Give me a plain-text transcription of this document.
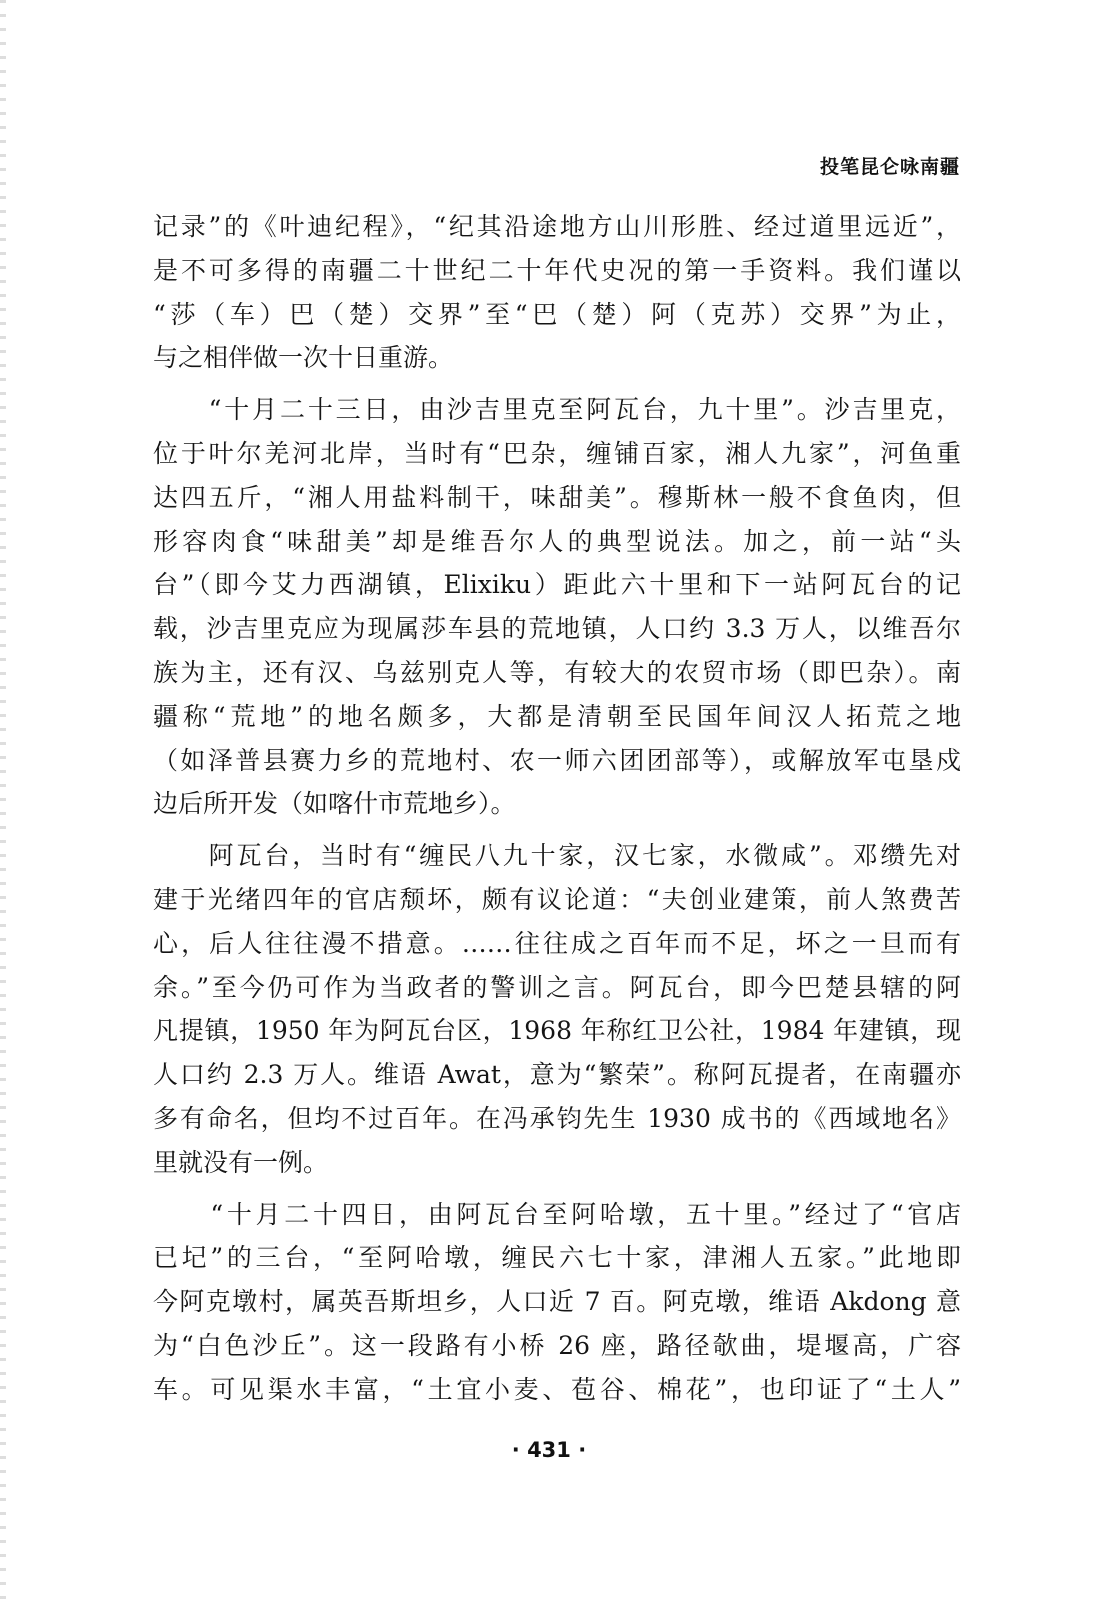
投笔昆仑咏南疆
记录”的《叶迪纪程》，“纪其沿途地方山川形胜、经过道里远近”，
是不可多得的南疆二十世纪二十年代史况的第一手资料。我们谨以
“莎（车）巴（楚）交界”至“巴（楚）阿（克苏）交界”为止，
与之相伴做一次十日重游。
　　“十月二十三日，由沙吉里克至阿瓦台，九十里”。沙吉里克，
位于叶尔羌河北岸，当时有“巴杂，缠铺百家，湘人九家”，河鱼重
达四五斤，“湘人用盐料制干，味甜美”。穆斯林一般不食鱼肉，但
形容肉食“味甜美”却是维吾尔人的典型说法。加之，前一站“头
台”（即今艾力西湖镇，Elixiku）距此六十里和下一站阿瓦台的记
载，沙吉里克应为现属莎车县的荒地镇，人口约 3.3 万人，以维吾尔
族为主，还有汉、乌兹别克人等，有较大的农贸市场（即巴杂）。南
疆称“荒地”的地名颇多，大都是清朝至民国年间汉人拓荒之地
（如泽普县赛力乡的荒地村、农一师六团团部等），或解放军屯垦戍
边后所开发（如喀什市荒地乡）。
　　阿瓦台，当时有“缠民八九十家，汉七家，水微咸”。邓缵先对
建于光绪四年的官店颓坏，颇有议论道：“夫创业建策，前人煞费苦
心，后人往往漫不措意。……往往成之百年而不足，坏之一旦而有
余。”至今仍可作为当政者的警训之言。阿瓦台，即今巴楚县辖的阿
凡提镇，1950 年为阿瓦台区，1968 年称红卫公社，1984 年建镇，现
人口约 2.3 万人。维语 Awat，意为“繁荣”。称阿瓦提者，在南疆亦
多有命名，但均不过百年。在冯承钧先生 1930 成书的《西域地名》
里就没有一例。
　　“十月二十四日，由阿瓦台至阿哈墩，五十里。”经过了“官店
已圮”的三台，“至阿哈墩，缠民六七十家，津湘人五家。”此地即
今阿克墩村，属英吾斯坦乡，人口近 7 百。阿克墩，维语 Akdong 意
为“白色沙丘”。这一段路有小桥 26 座，路径欹曲，堤堰高，广容
车。可见渠水丰富，“土宜小麦、苞谷、棉花”，也印证了“土人”
· 431 ·
